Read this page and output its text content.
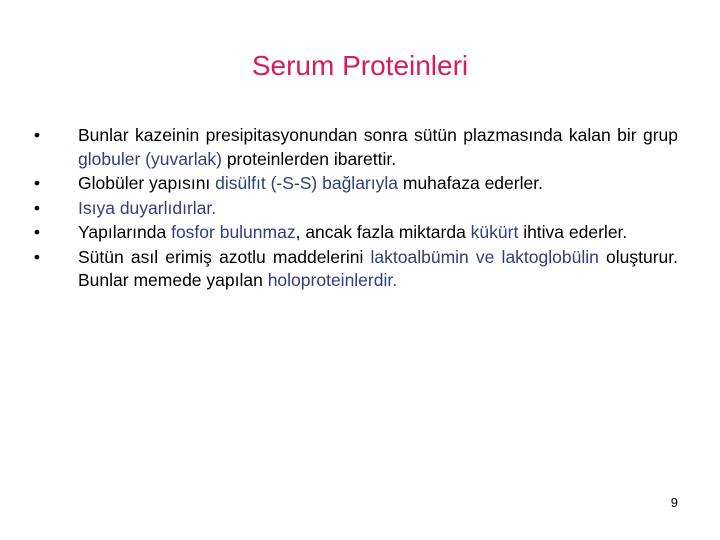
Serum Proteinleri
• Bunlar kazeinin presipitasyonundan sonra sütün plazmasında kalan bir grup globuler (yuvarlak) proteinlerden ibarettir.
• Globüler yapısını disülfıt (-S-S) bağlarıyla muhafaza ederler.
• Isıya duyarlıdırlar.
• Yapılarında fosfor bulunmaz, ancak fazla miktarda kükürt ihtiva ederler.
• Sütün asıl erimiş azotlu maddelerini laktoalbümin ve laktoglobülin oluşturur. Bunlar memede yapılan holoproteinlerdir.
9
